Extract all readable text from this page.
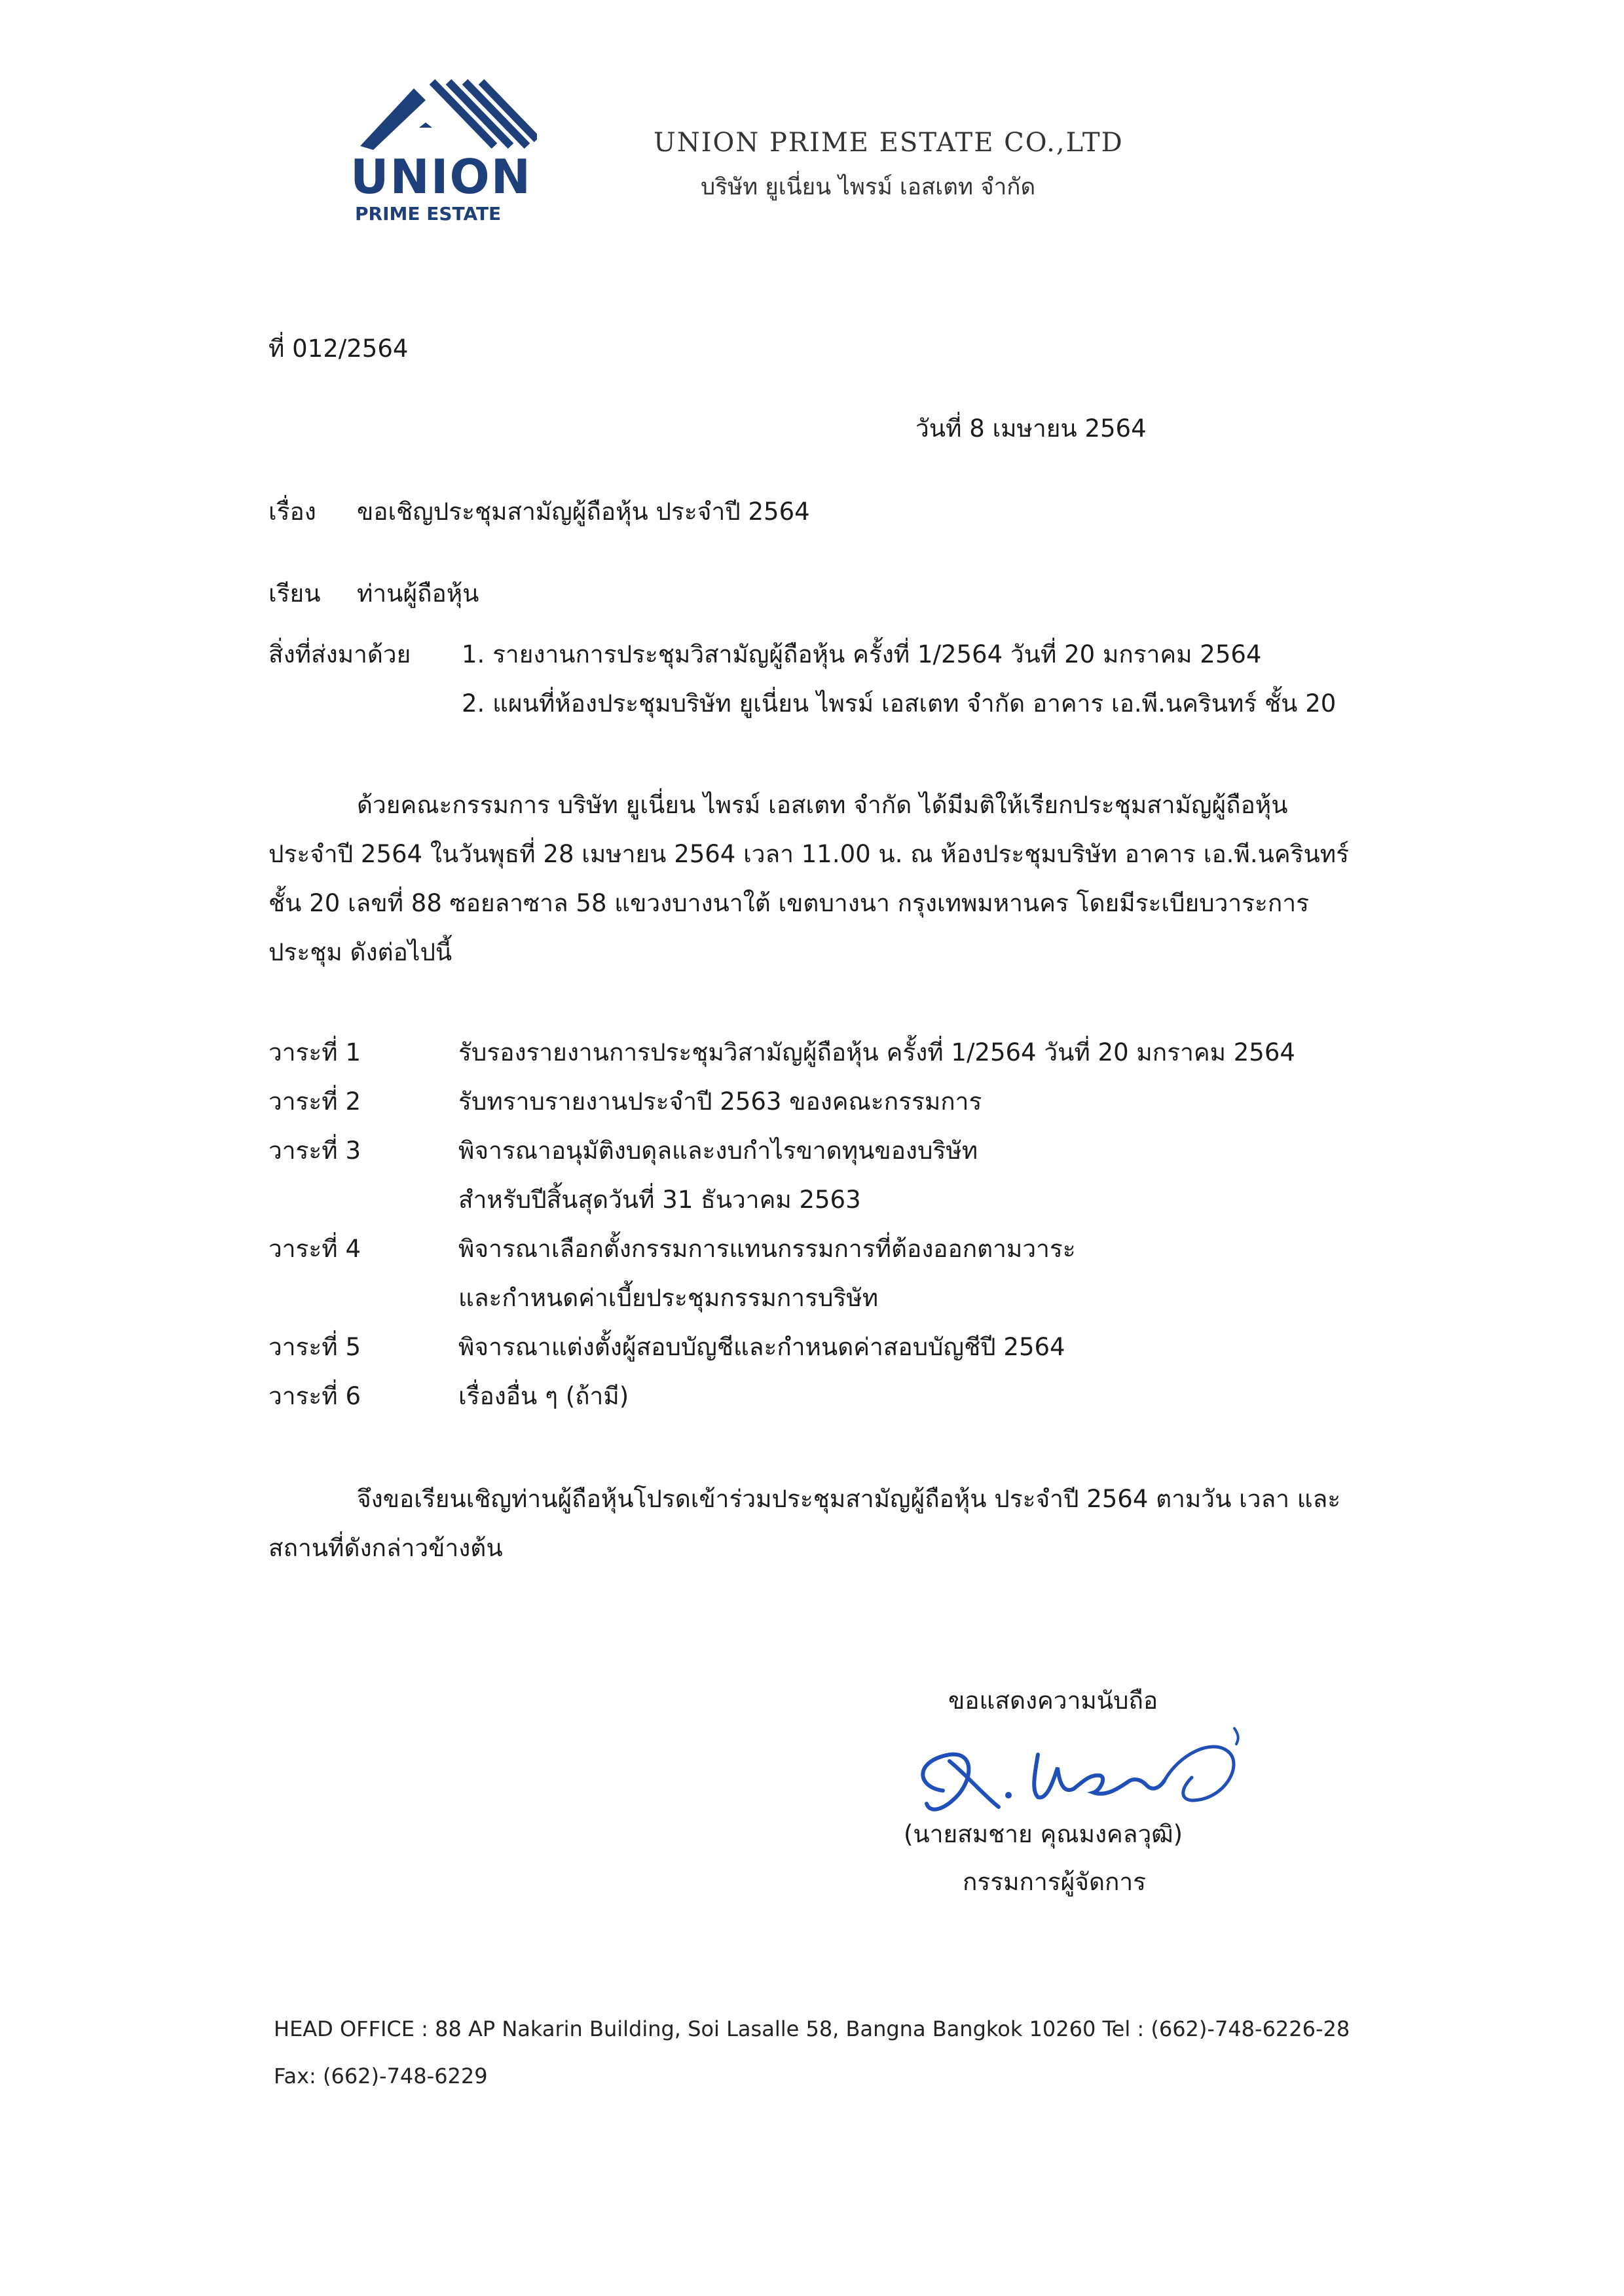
UNION
PRIME ESTATE
UNION PRIME ESTATE CO.,LTD
บริษัท ยูเนี่ยน ไพรม์ เอสเตท จำกัด
ที่ 012/2564
วันที่ 8 เมษายน 2564
เรื่อง ขอเชิญประชุมสามัญผู้ถือหุ้น ประจำปี 2564
เรียน ท่านผู้ถือหุ้น
สิ่งที่ส่งมาด้วย 1. รายงานการประชุมวิสามัญผู้ถือหุ้น ครั้งที่ 1/2564 วันที่ 20 มกราคม 2564
2. แผนที่ห้องประชุมบริษัท ยูเนี่ยน ไพรม์ เอสเตท จำกัด อาคาร เอ.พี.นครินทร์ ชั้น 20
ด้วยคณะกรรมการ บริษัท ยูเนี่ยน ไพรม์ เอสเตท จำกัด ได้มีมติให้เรียกประชุมสามัญผู้ถือหุ้น
ประจำปี 2564 ในวันพุธที่ 28 เมษายน 2564 เวลา 11.00 น. ณ ห้องประชุมบริษัท อาคาร เอ.พี.นครินทร์
ชั้น 20 เลขที่ 88 ซอยลาซาล 58 แขวงบางนาใต้ เขตบางนา กรุงเทพมหานคร โดยมีระเบียบวาระการ
ประชุม ดังต่อไปนี้
วาระที่ 1	รับรองรายงานการประชุมวิสามัญผู้ถือหุ้น ครั้งที่ 1/2564 วันที่ 20 มกราคม 2564
วาระที่ 2	รับทราบรายงานประจำปี 2563 ของคณะกรรมการ
วาระที่ 3	พิจารณาอนุมัติงบดุลและงบกำไรขาดทุนของบริษัท
สำหรับปีสิ้นสุดวันที่ 31 ธันวาคม 2563
วาระที่ 4	พิจารณาเลือกตั้งกรรมการแทนกรรมการที่ต้องออกตามวาระ
และกำหนดค่าเบี้ยประชุมกรรมการบริษัท
วาระที่ 5	พิจารณาแต่งตั้งผู้สอบบัญชีและกำหนดค่าสอบบัญชีปี 2564
วาระที่ 6	เรื่องอื่น ๆ (ถ้ามี)
จึงขอเรียนเชิญท่านผู้ถือหุ้นโปรดเข้าร่วมประชุมสามัญผู้ถือหุ้น ประจำปี 2564 ตามวัน เวลา และ
สถานที่ดังกล่าวข้างต้น
ขอแสดงความนับถือ
(นายสมชาย คุณมงคลวุฒิ)
กรรมการผู้จัดการ
HEAD OFFICE : 88 AP Nakarin Building, Soi Lasalle 58, Bangna Bangkok 10260 Tel : (662)-748-6226-28
Fax: (662)-748-6229
